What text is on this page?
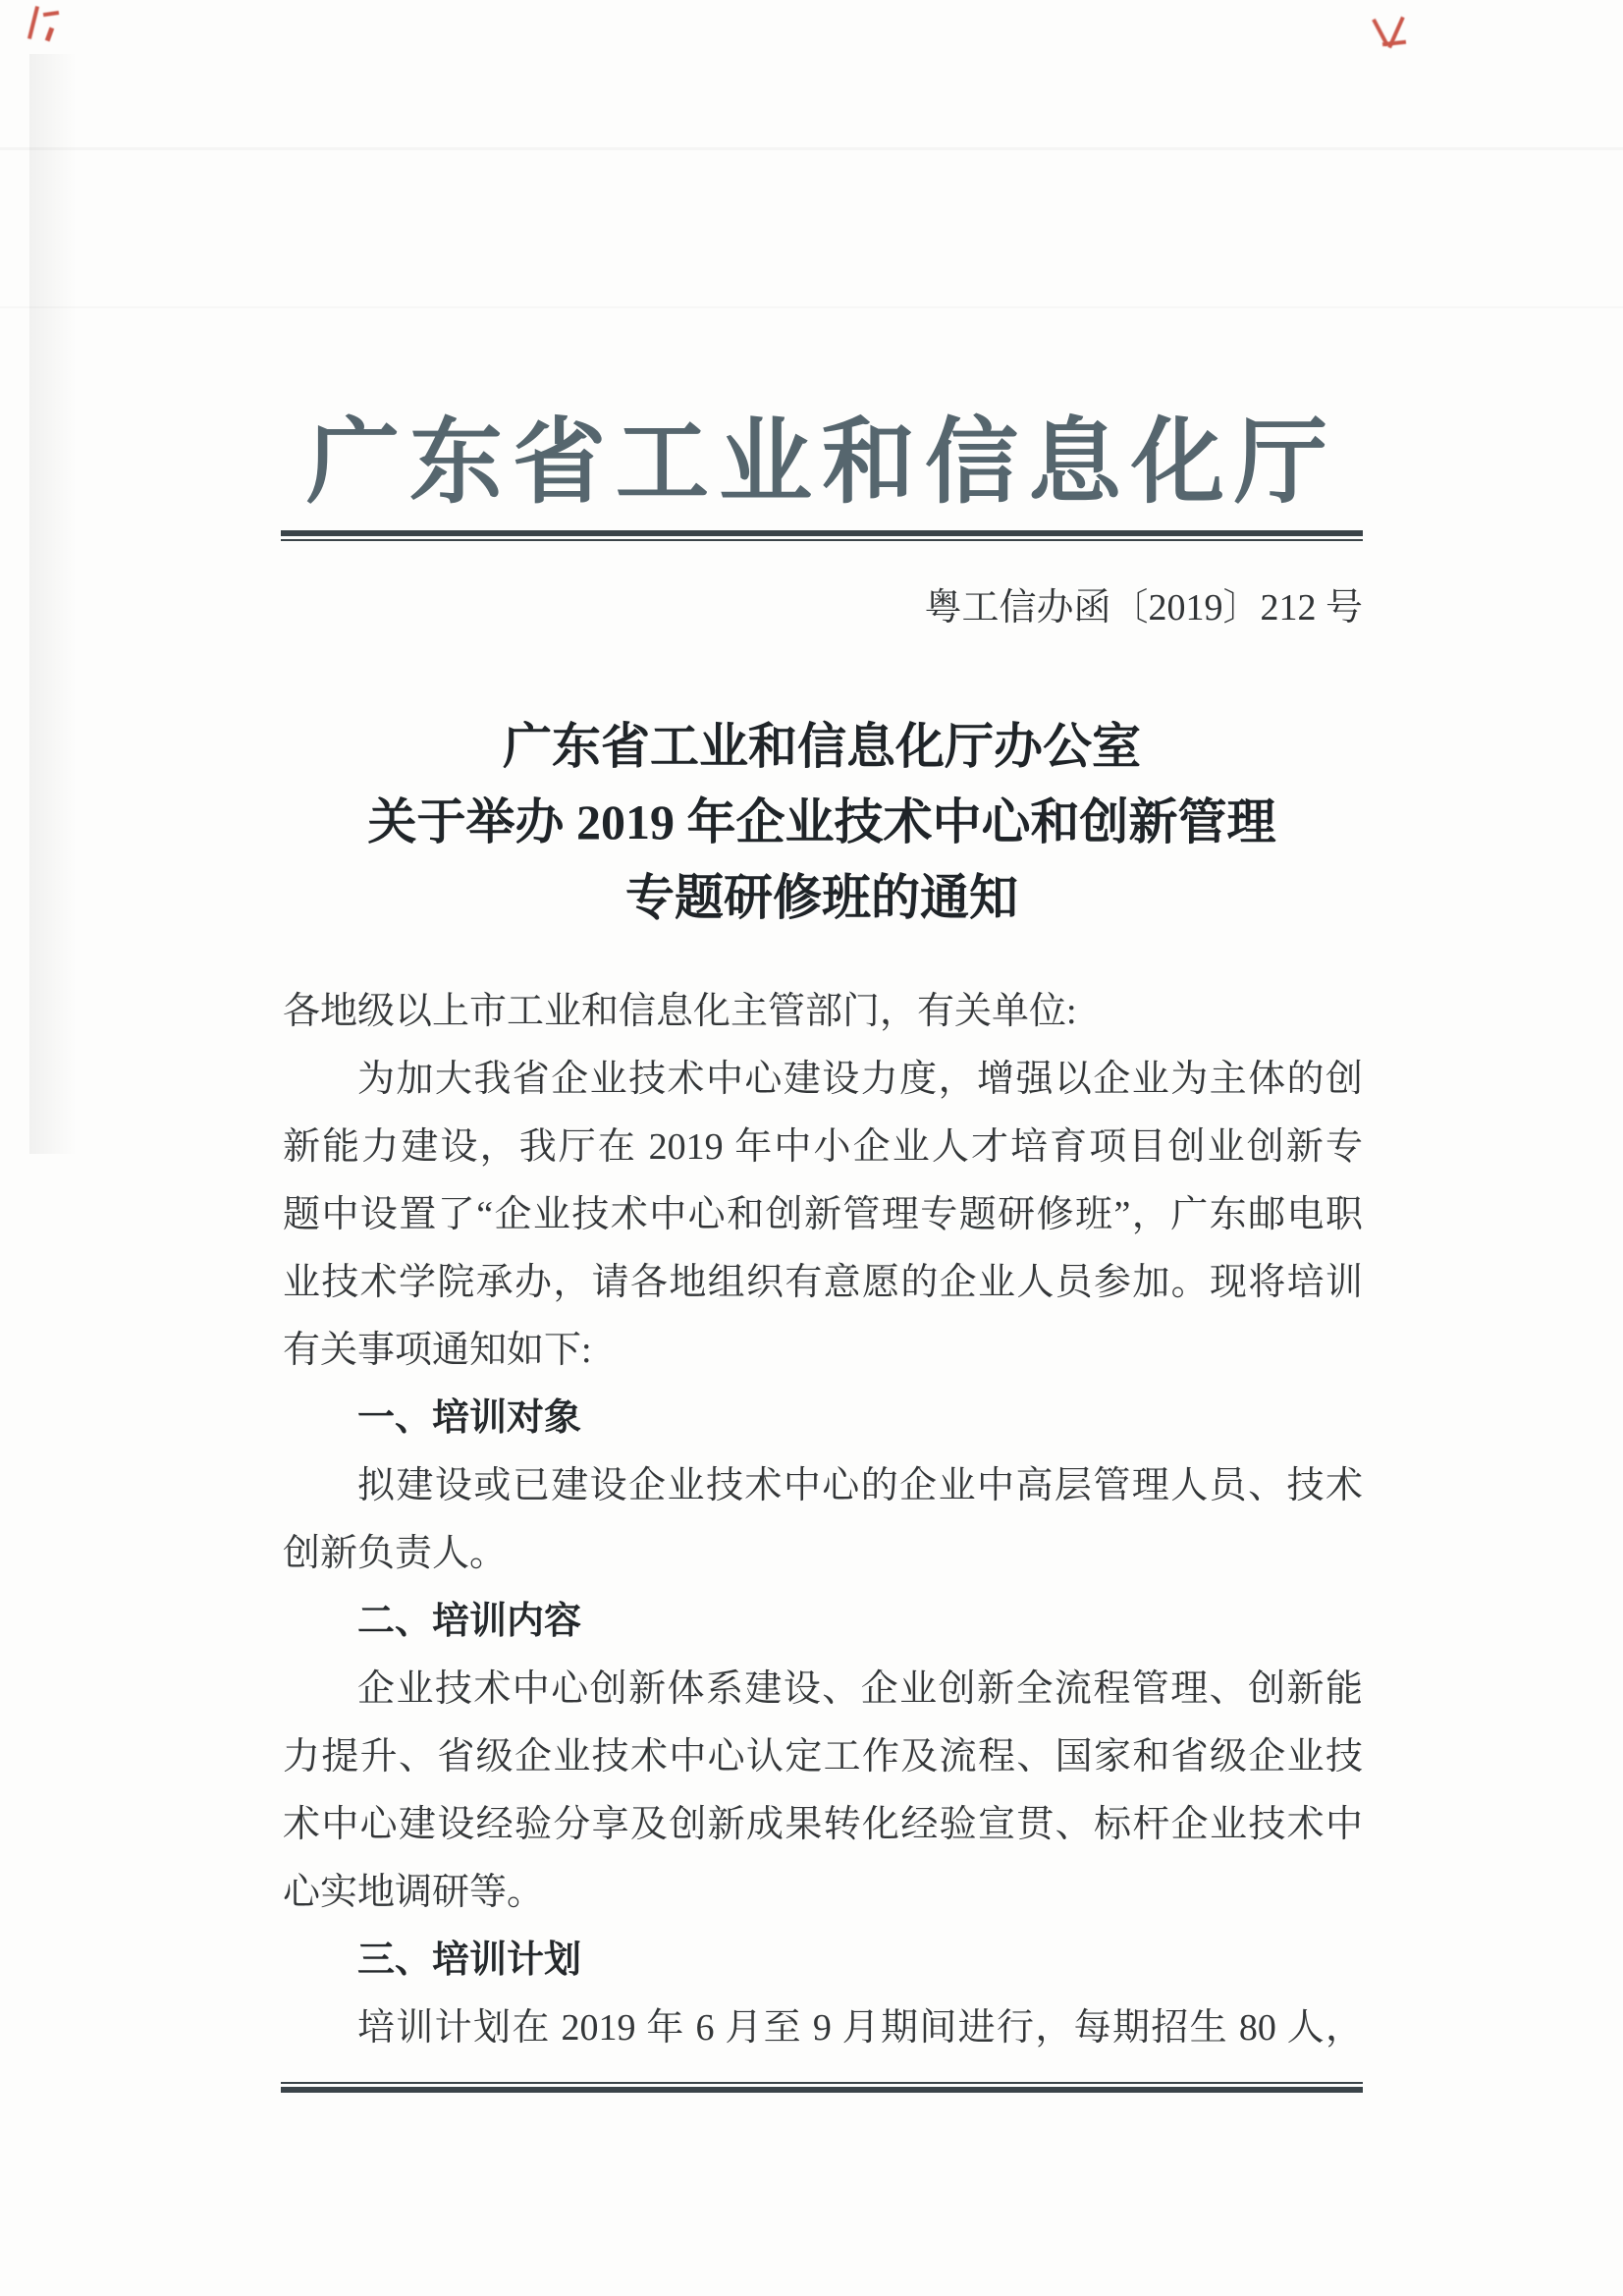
广东省工业和信息化厅
粤工信办函〔2019〕212 号
广东省工业和信息化厅办公室
关于举办 2019 年企业技术中心和创新管理
专题研修班的通知
各地级以上市工业和信息化主管部门，有关单位:
为加大我省企业技术中心建设力度，增强以企业为主体的创
新能力建设，我厅在 2019 年中小企业人才培育项目创业创新专
题中设置了“企业技术中心和创新管理专题研修班”，广东邮电职
业技术学院承办，请各地组织有意愿的企业人员参加。现将培训
有关事项通知如下:
一、培训对象
拟建设或已建设企业技术中心的企业中高层管理人员、技术
创新负责人。
二、培训内容
企业技术中心创新体系建设、企业创新全流程管理、创新能
力提升、省级企业技术中心认定工作及流程、国家和省级企业技
术中心建设经验分享及创新成果转化经验宣贯、标杆企业技术中
心实地调研等。
三、培训计划
培训计划在 2019 年 6 月至 9 月期间进行，每期招生 80 人，
